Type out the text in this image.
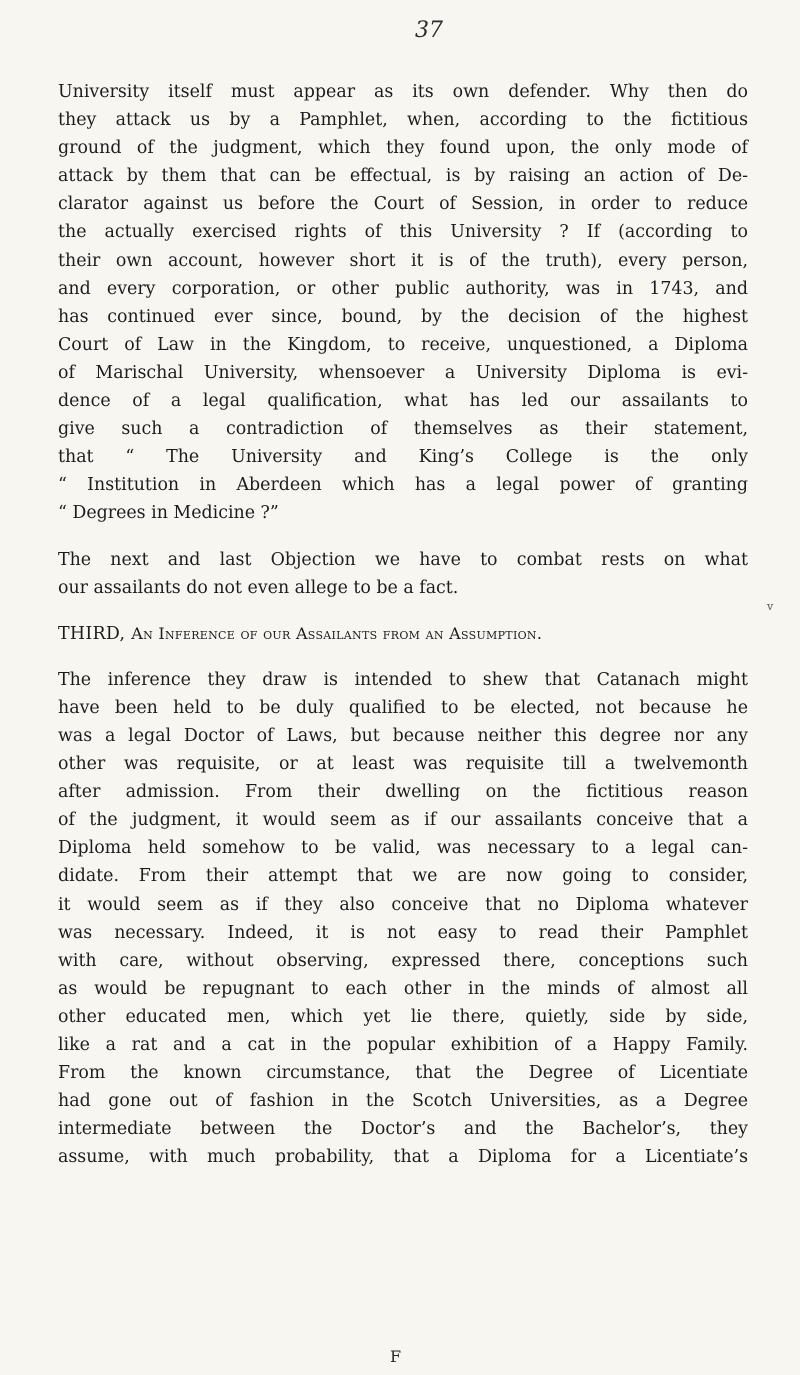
37
University itself must appear as its own defender. Why then do
they attack us by a Pamphlet, when, according to the fictitious
ground of the judgment, which they found upon, the only mode of
attack by them that can be effectual, is by raising an action of De-
clarator against us before the Court of Session, in order to reduce
the actually exercised rights of this University ? If (according to
their own account, however short it is of the truth), every person,
and every corporation, or other public authority, was in 1743, and
has continued ever since, bound, by the decision of the highest
Court of Law in the Kingdom, to receive, unquestioned, a Diploma
of Marischal University, whensoever a University Diploma is evi-
dence of a legal qualification, what has led our assailants to
give such a contradiction of themselves as their statement,
that “ The University and King’s College is the only
“ Institution in Aberdeen which has a legal power of granting
“ Degrees in Medicine ?”
The next and last Objection we have to combat rests on what
our assailants do not even allege to be a fact.
THIRD, An Inference of our Assailants from an Assumption.
The inference they draw is intended to shew that Catanach might
have been held to be duly qualified to be elected, not because he
was a legal Doctor of Laws, but because neither this degree nor any
other was requisite, or at least was requisite till a twelvemonth
after admission. From their dwelling on the fictitious reason
of the judgment, it would seem as if our assailants conceive that a
Diploma held somehow to be valid, was necessary to a legal can-
didate. From their attempt that we are now going to consider,
it would seem as if they also conceive that no Diploma whatever
was necessary. Indeed, it is not easy to read their Pamphlet
with care, without observing, expressed there, conceptions such
as would be repugnant to each other in the minds of almost all
other educated men, which yet lie there, quietly, side by side,
like a rat and a cat in the popular exhibition of a Happy Family.
From the known circumstance, that the Degree of Licentiate
had gone out of fashion in the Scotch Universities, as a Degree
intermediate between the Doctor’s and the Bachelor’s, they
assume, with much probability, that a Diploma for a Licentiate’s
v
F
